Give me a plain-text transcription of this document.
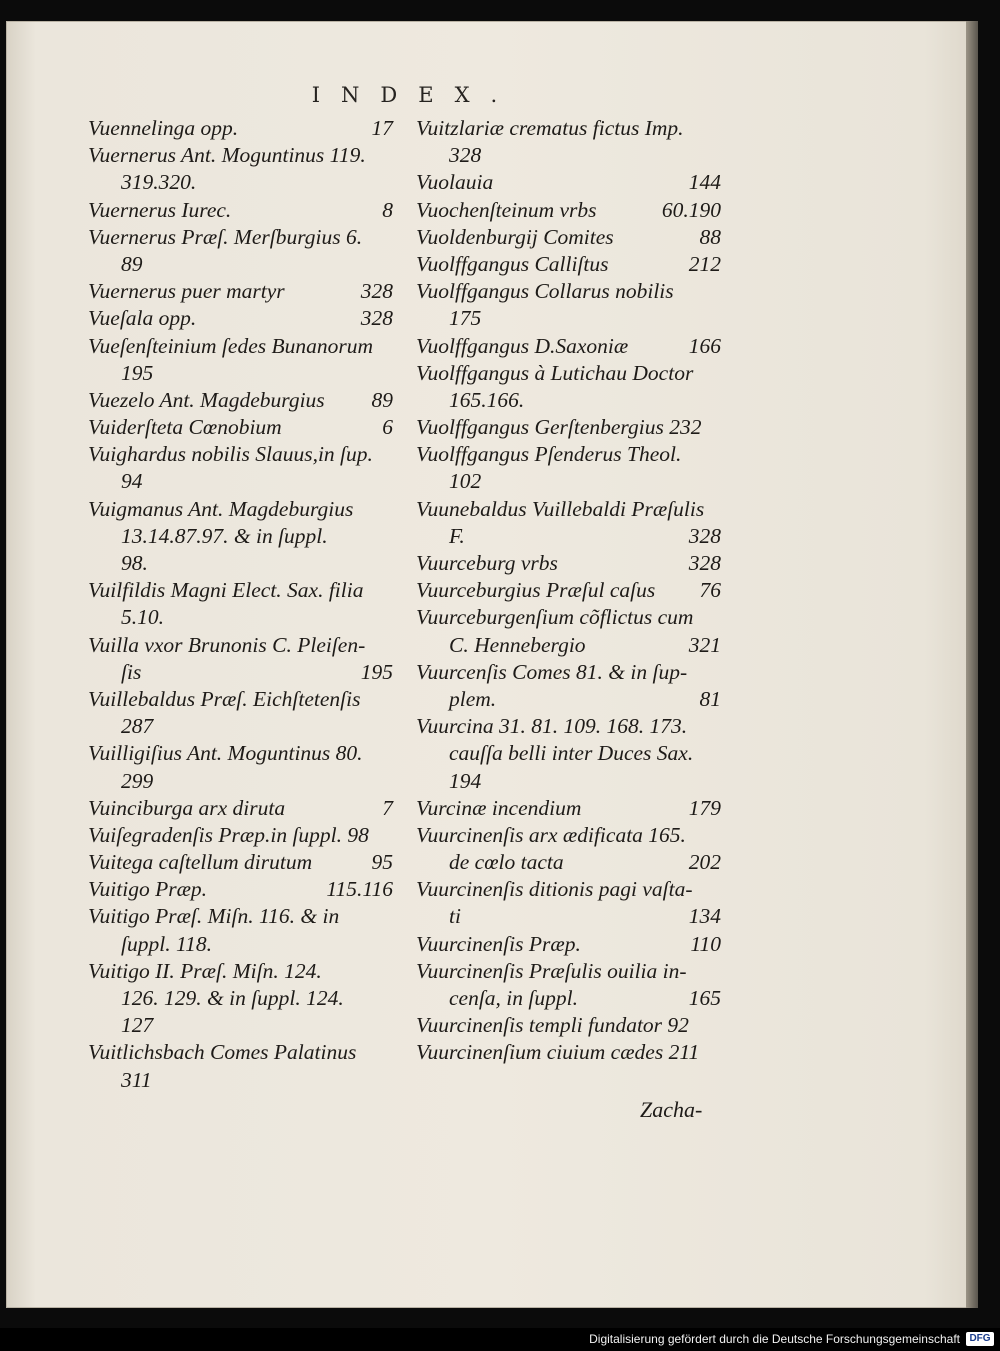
INDEX.
Vuennelinga opp.	17
Vuernerus Ant. Moguntinus 119.
319.320.
Vuernerus Iurec.	8
Vuernerus Præſ. Merſburgius 6.
89
Vuernerus puer martyr	328
Vueſala opp.	328
Vueſenſteinium ſedes Bunanorum
195
Vuezelo Ant. Magdeburgius 89
Vuiderſteta Cœnobium	6
Vuighardus nobilis Slauus,in ſup.
94
Vuigmanus Ant. Magdeburgius
13.14.87.97. & in ſuppl.
98.
Vuilfildis Magni Elect. Sax. filia
5.10.
Vuilla vxor Brunonis C. Pleiſen-
ſis	195
Vuillebaldus Præſ. Eichſtetenſis
287
Vuilligiſius Ant. Moguntinus 80.
299
Vuinciburga arx diruta	7
Vuiſegradenſis Præp.in ſuppl. 98
Vuitega caſtellum dirutum	95
Vuitigo Præp.	115.116
Vuitigo Præſ. Miſn. 116. & in
ſuppl. 118.
Vuitigo II. Præſ. Miſn. 124.
126. 129. & in ſuppl. 124.
127
Vuitlichsbach Comes Palatinus
311
Vuitzlariæ crematus fictus Imp.
328
Vuolauia	144
Vuochenſteinum vrbs	60.190
Vuoldenburgij Comites	88
Vuolffgangus Calliſtus	212
Vuolffgangus Collarus nobilis
175
Vuolffgangus D.Saxoniæ	166
Vuolffgangus à Lutichau Doctor
165.166.
Vuolffgangus Gerſtenbergius 232
Vuolffgangus Pſenderus Theol.
102
Vuunebaldus Vuillebaldi Præſulis
F.	328
Vuurceburg vrbs	328
Vuurceburgius Præſul caſus 76
Vuurceburgenſium cõflictus cum
C. Hennebergio	321
Vuurcenſis Comes 81. & in ſup-
plem.	81
Vuurcina 31. 81. 109. 168. 173.
cauſſa belli inter Duces Sax.
194
Vurcinæ incendium	179
Vuurcinenſis arx ædificata 165.
de cœlo tacta	202
Vuurcinenſis ditionis pagi vaſta-
ti	134
Vuurcinenſis Præp.	110
Vuurcinenſis Præſulis ouilia in-
cenſa, in ſuppl.	165
Vuurcinenſis templi fundator 92
Vuurcinenſium ciuium cædes 211
Zacha-
Digitalisierung gefördert durch die Deutsche Forschungsgemeinschaft DFG
